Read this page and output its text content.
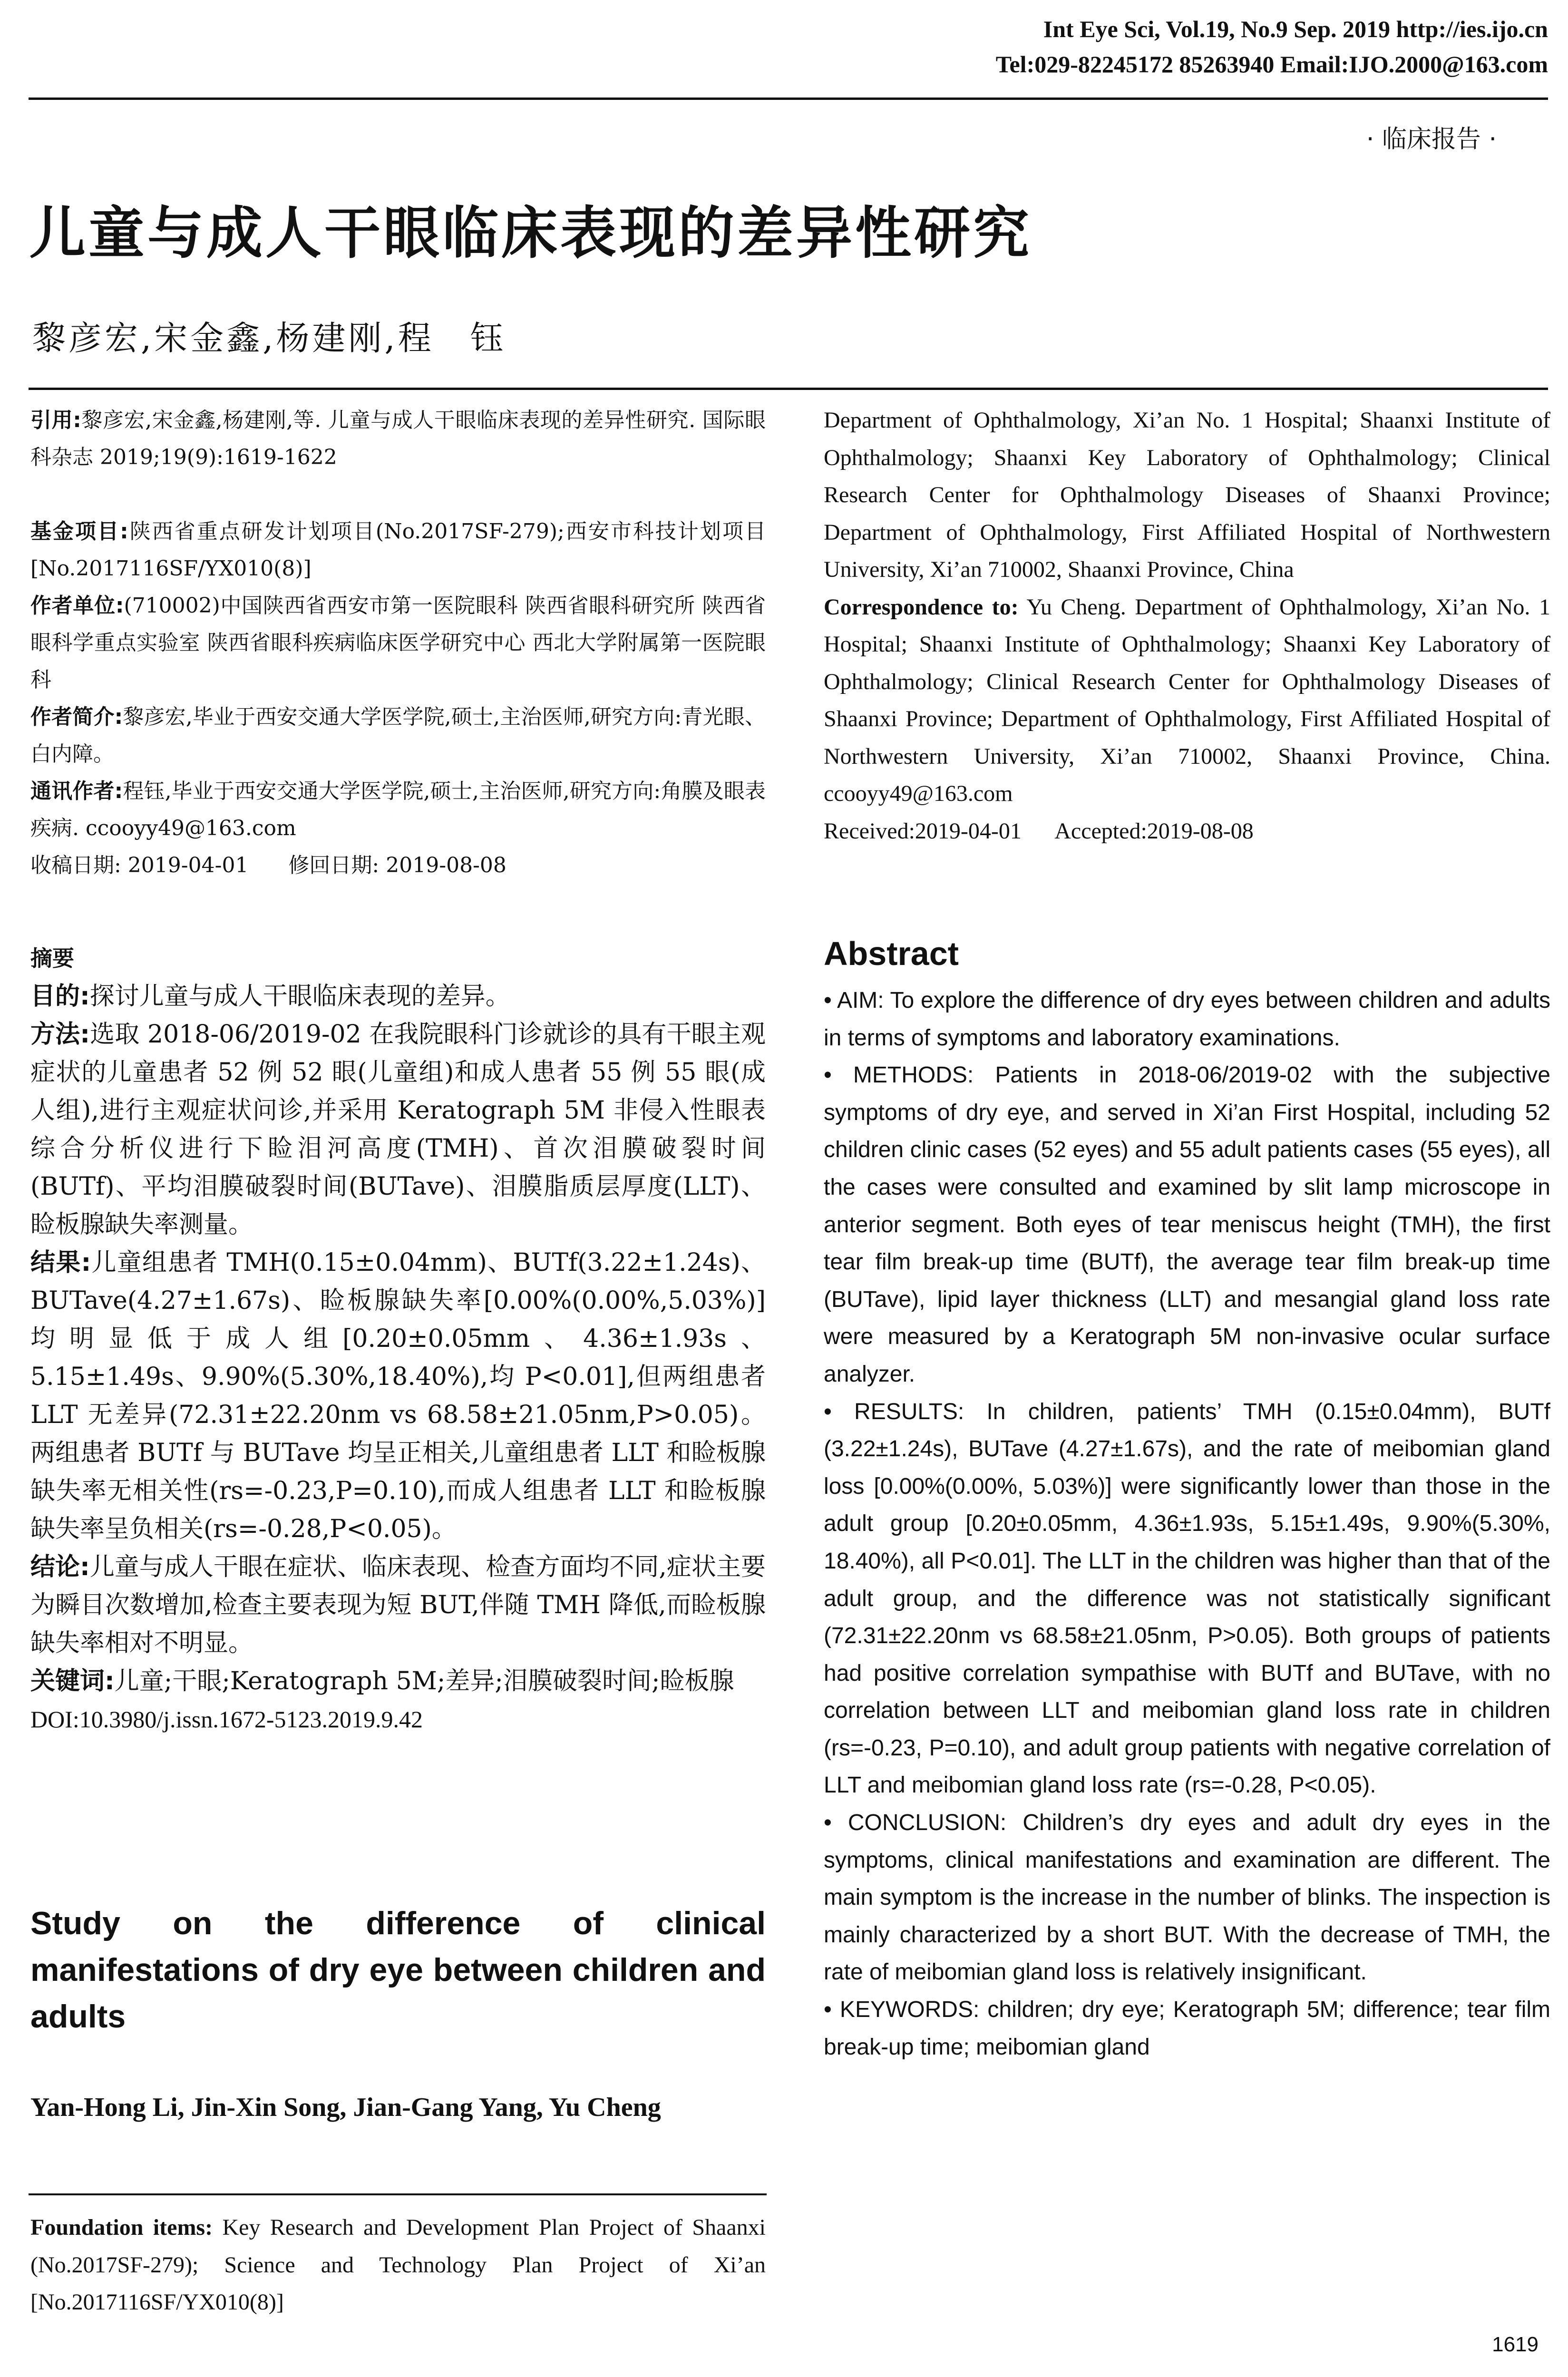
Int Eye Sci, Vol.19, No.9 Sep. 2019 http://ies.ijo.cn
Tel:029-82245172 85263940 Email:IJO.2000@163.com
· 临床报告 ·
儿童与成人干眼临床表现的差异性研究
黎彦宏,宋金鑫,杨建刚,程　钰

引用:黎彦宏,宋金鑫,杨建刚,等. 儿童与成人干眼临床表现的差异性研究. 国际眼科杂志 2019;19(9):1619-1622

基金项目:陕西省重点研发计划项目(No.2017SF-279);西安市科技计划项目[No.2017116SF/YX010(8)]

作者单位:(710002)中国陕西省西安市第一医院眼科 陕西省眼科研究所 陕西省眼科学重点实验室 陕西省眼科疾病临床医学研究中心 西北大学附属第一医院眼科

作者简介:黎彦宏,毕业于西安交通大学医学院,硕士,主治医师,研究方向:青光眼、白内障。

通讯作者:程钰,毕业于西安交通大学医学院,硕士,主治医师,研究方向:角膜及眼表疾病. ccooyy49@163.com

收稿日期: 2019-04-01      修回日期: 2019-08-08

Department of Ophthalmology, Xi’an No. 1 Hospital; Shaanxi Institute of Ophthalmology; Shaanxi Key Laboratory of Ophthalmology; Clinical Research Center for Ophthalmology Diseases of Shaanxi Province; Department of Ophthalmology, First Affiliated Hospital of Northwestern University, Xi’an 710002, Shaanxi Province, China

Correspondence to: Yu Cheng. Department of Ophthalmology, Xi’an No. 1 Hospital; Shaanxi Institute of Ophthalmology; Shaanxi Key Laboratory of Ophthalmology; Clinical Research Center for Ophthalmology Diseases of Shaanxi Province; Department of Ophthalmology, First Affiliated Hospital of Northwestern University, Xi’an 710002, Shaanxi Province, China. ccooyy49@163.com

Received:2019-04-01      Accepted:2019-08-08

摘要

目的:探讨儿童与成人干眼临床表现的差异。

方法:选取 2018-06/2019-02 在我院眼科门诊就诊的具有干眼主观症状的儿童患者 52 例 52 眼(儿童组)和成人患者 55 例 55 眼(成人组),进行主观症状问诊,并采用 Keratograph 5M 非侵入性眼表综合分析仪进行下睑泪河高度(TMH)、首次泪膜破裂时间(BUTf)、平均泪膜破裂时间(BUTave)、泪膜脂质层厚度(LLT)、睑板腺缺失率测量。

结果:儿童组患者 TMH(0.15±0.04mm)、BUTf(3.22±1.24s)、BUTave(4.27±1.67s)、睑板腺缺失率[0.00%(0.00%,5.03%)]均明显低于成人组[0.20±0.05mm、4.36±1.93s、5.15±1.49s、9.90%(5.30%,18.40%),均 P<0.01],但两组患者 LLT 无差异(72.31±22.20nm vs 68.58±21.05nm,P>0.05)。两组患者 BUTf 与 BUTave 均呈正相关,儿童组患者 LLT 和睑板腺缺失率无相关性(rs=-0.23,P=0.10),而成人组患者 LLT 和睑板腺缺失率呈负相关(rs=-0.28,P<0.05)。

结论:儿童与成人干眼在症状、临床表现、检查方面均不同,症状主要为瞬目次数增加,检查主要表现为短 BUT,伴随 TMH 降低,而睑板腺缺失率相对不明显。

关键词:儿童;干眼;Keratograph 5M;差异;泪膜破裂时间;睑板腺

DOI:10.3980/j.issn.1672-5123.2019.9.42

Study on the difference of clinical manifestations of dry eye between children and adults
Yan-Hong Li, Jin-Xin Song, Jian-Gang Yang, Yu Cheng
Foundation items: Key Research and Development Plan Project of Shaanxi (No.2017SF-279); Science and Technology Plan Project of Xi’an [No.2017116SF/YX010(8)]
Abstract

• AIM: To explore the difference of dry eyes between children and adults in terms of symptoms and laboratory examinations.

• METHODS: Patients in 2018-06/2019-02 with the subjective symptoms of dry eye, and served in Xi’an First Hospital, including 52 children clinic cases (52 eyes) and 55 adult patients cases (55 eyes), all the cases were consulted and examined by slit lamp microscope in anterior segment. Both eyes of tear meniscus height (TMH), the first tear film break-up time (BUTf), the average tear film break-up time (BUTave), lipid layer thickness (LLT) and mesangial gland loss rate were measured by a Keratograph 5M non-invasive ocular surface analyzer.

• RESULTS: In children, patients’ TMH (0.15±0.04mm), BUTf (3.22±1.24s), BUTave (4.27±1.67s), and the rate of meibomian gland loss [0.00%(0.00%, 5.03%)] were significantly lower than those in the adult group [0.20±0.05mm, 4.36±1.93s, 5.15±1.49s, 9.90%(5.30%, 18.40%), all P<0.01]. The LLT in the children was higher than that of the adult group, and the difference was not statistically significant (72.31±22.20nm vs 68.58±21.05nm, P>0.05). Both groups of patients had positive correlation sympathise with BUTf and BUTave, with no correlation between LLT and meibomian gland loss rate in children (rs=-0.23, P=0.10), and adult group patients with negative correlation of LLT and meibomian gland loss rate (rs=-0.28, P<0.05).

• CONCLUSION: Children’s dry eyes and adult dry eyes in the symptoms, clinical manifestations and examination are different. The main symptom is the increase in the number of blinks. The inspection is mainly characterized by a short BUT. With the decrease of TMH, the rate of meibomian gland loss is relatively insignificant.

• KEYWORDS: children; dry eye; Keratograph 5M; difference; tear film break-up time; meibomian gland

1619
